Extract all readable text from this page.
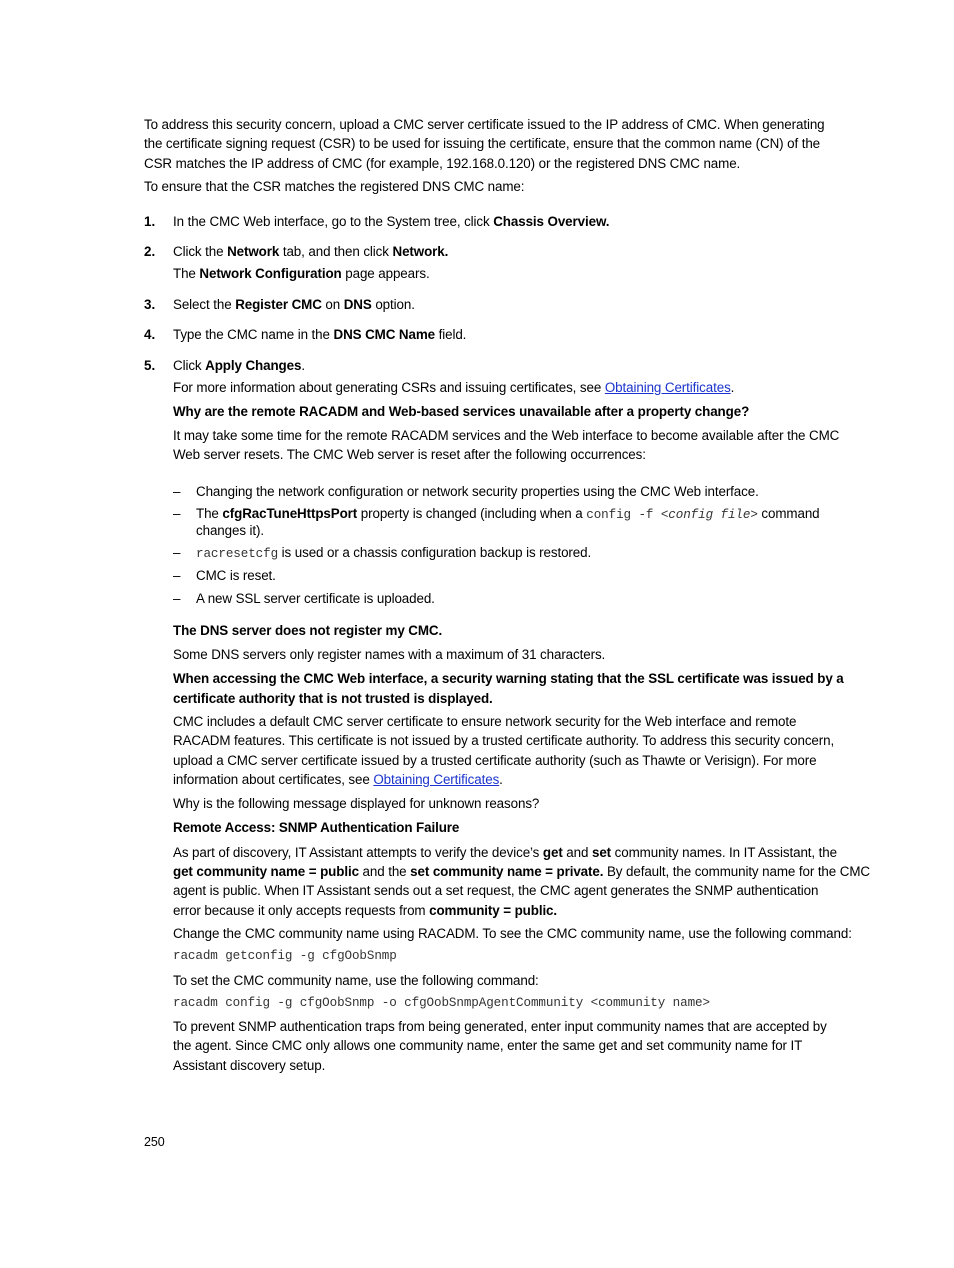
To address this security concern, upload a CMC server certificate issued to the IP address of CMC. When generating the certificate signing request (CSR) to be used for issuing the certificate, ensure that the common name (CN) of the CSR matches the IP address of CMC (for example, 192.168.0.120) or the registered DNS CMC name.
To ensure that the CSR matches the registered DNS CMC name:
1. In the CMC Web interface, go to the System tree, click Chassis Overview.
2. Click the Network tab, and then click Network.
The Network Configuration page appears.
3. Select the Register CMC on DNS option.
4. Type the CMC name in the DNS CMC Name field.
5. Click Apply Changes.
For more information about generating CSRs and issuing certificates, see Obtaining Certificates.
Why are the remote RACADM and Web-based services unavailable after a property change?
It may take some time for the remote RACADM services and the Web interface to become available after the CMC Web server resets. The CMC Web server is reset after the following occurrences:
– Changing the network configuration or network security properties using the CMC Web interface.
– The cfgRacTuneHttpsPort property is changed (including when a config -f <config file> command
changes it).
– racresetcfg is used or a chassis configuration backup is restored.
– CMC is reset.
– A new SSL server certificate is uploaded.
The DNS server does not register my CMC.
Some DNS servers only register names with a maximum of 31 characters.
When accessing the CMC Web interface, a security warning stating that the SSL certificate was issued by a
certificate authority that is not trusted is displayed.
CMC includes a default CMC server certificate to ensure network security for the Web interface and remote
RACADM features. This certificate is not issued by a trusted certificate authority. To address this security concern,
upload a CMC server certificate issued by a trusted certificate authority (such as Thawte or Verisign). For more
information about certificates, see Obtaining Certificates.
Why is the following message displayed for unknown reasons?
Remote Access: SNMP Authentication Failure
As part of discovery, IT Assistant attempts to verify the device’s get and set community names. In IT Assistant, the
get community name = public and the set community name = private. By default, the community name for the CMC
agent is public. When IT Assistant sends out a set request, the CMC agent generates the SNMP authentication
error because it only accepts requests from community = public.
Change the CMC community name using RACADM. To see the CMC community name, use the following command:
racadm getconfig -g cfgOobSnmp
To set the CMC community name, use the following command:
racadm config -g cfgOobSnmp -o cfgOobSnmpAgentCommunity <community name>
To prevent SNMP authentication traps from being generated, enter input community names that are accepted by
the agent. Since CMC only allows one community name, enter the same get and set community name for IT
Assistant discovery setup.
250
